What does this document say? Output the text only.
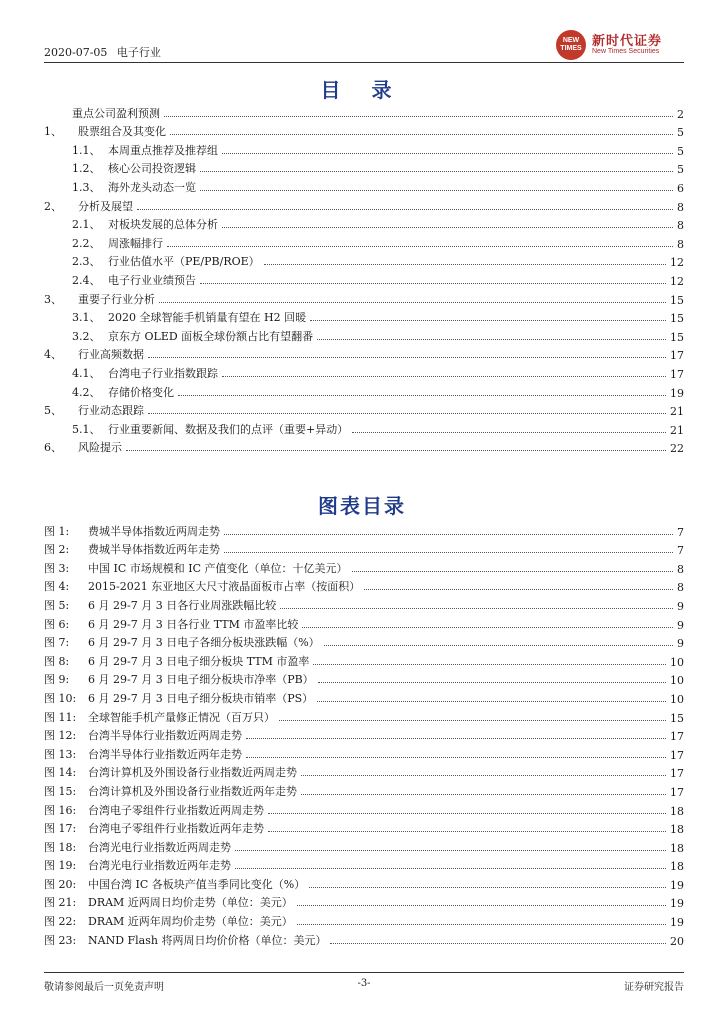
2020-07-05 电子行业
NEW TIMES 新时代证券
New Times Securities
目 录
重点公司盈利预测	2
1、 股票组合及其变化	5
1.1、 本周重点推荐及推荐组	5
1.2、 核心公司投资逻辑	5
1.3、 海外龙头动态一览	6
2、 分析及展望	8
2.1、 对板块发展的总体分析	8
2.2、 周涨幅排行	8
2.3、 行业估值水平（PE/PB/ROE）	12
2.4、 电子行业业绩预告	12
3、 重要子行业分析	15
3.1、 2020 全球智能手机销量有望在 H2 回暖	15
3.2、 京东方 OLED 面板全球份额占比有望翻番	15
4、 行业高频数据	17
4.1、 台湾电子行业指数跟踪	17
4.2、 存储价格变化	19
5、 行业动态跟踪	21
5.1、 行业重要新闻、数据及我们的点评（重要+异动）	21
6、 风险提示	22
图表目录
图 1: 费城半导体指数近两周走势	7
图 2: 费城半导体指数近两年走势	7
图 3: 中国 IC 市场规模和 IC 产值变化（单位：十亿美元）	8
图 4: 2015-2021 东亚地区大尺寸液晶面板市占率（按面积）	8
图 5: 6 月 29-7 月 3 日各行业周涨跌幅比较	9
图 6: 6 月 29-7 月 3 日各行业 TTM 市盈率比较	9
图 7: 6 月 29-7 月 3 日电子各细分板块涨跌幅（%）	9
图 8: 6 月 29-7 月 3 日电子细分板块 TTM 市盈率	10
图 9: 6 月 29-7 月 3 日电子细分板块市净率（PB）	10
图 10: 6 月 29-7 月 3 日电子细分板块市销率（PS）	10
图 11: 全球智能手机产量修正情况（百万只）	15
图 12: 台湾半导体行业指数近两周走势	17
图 13: 台湾半导体行业指数近两年走势	17
图 14: 台湾计算机及外围设备行业指数近两周走势	17
图 15: 台湾计算机及外围设备行业指数近两年走势	17
图 16: 台湾电子零组件行业指数近两周走势	18
图 17: 台湾电子零组件行业指数近两年走势	18
图 18: 台湾光电行业指数近两周走势	18
图 19: 台湾光电行业指数近两年走势	18
图 20: 中国台湾 IC 各板块产值当季同比变化（%）	19
图 21: DRAM 近两周日均价走势（单位：美元）	19
图 22: DRAM 近两年周均价走势（单位：美元）	19
图 23: NAND Flash 将两周日均价价格（单位：美元）	20
敬请参阅最后一页免责声明	-3-	证券研究报告
